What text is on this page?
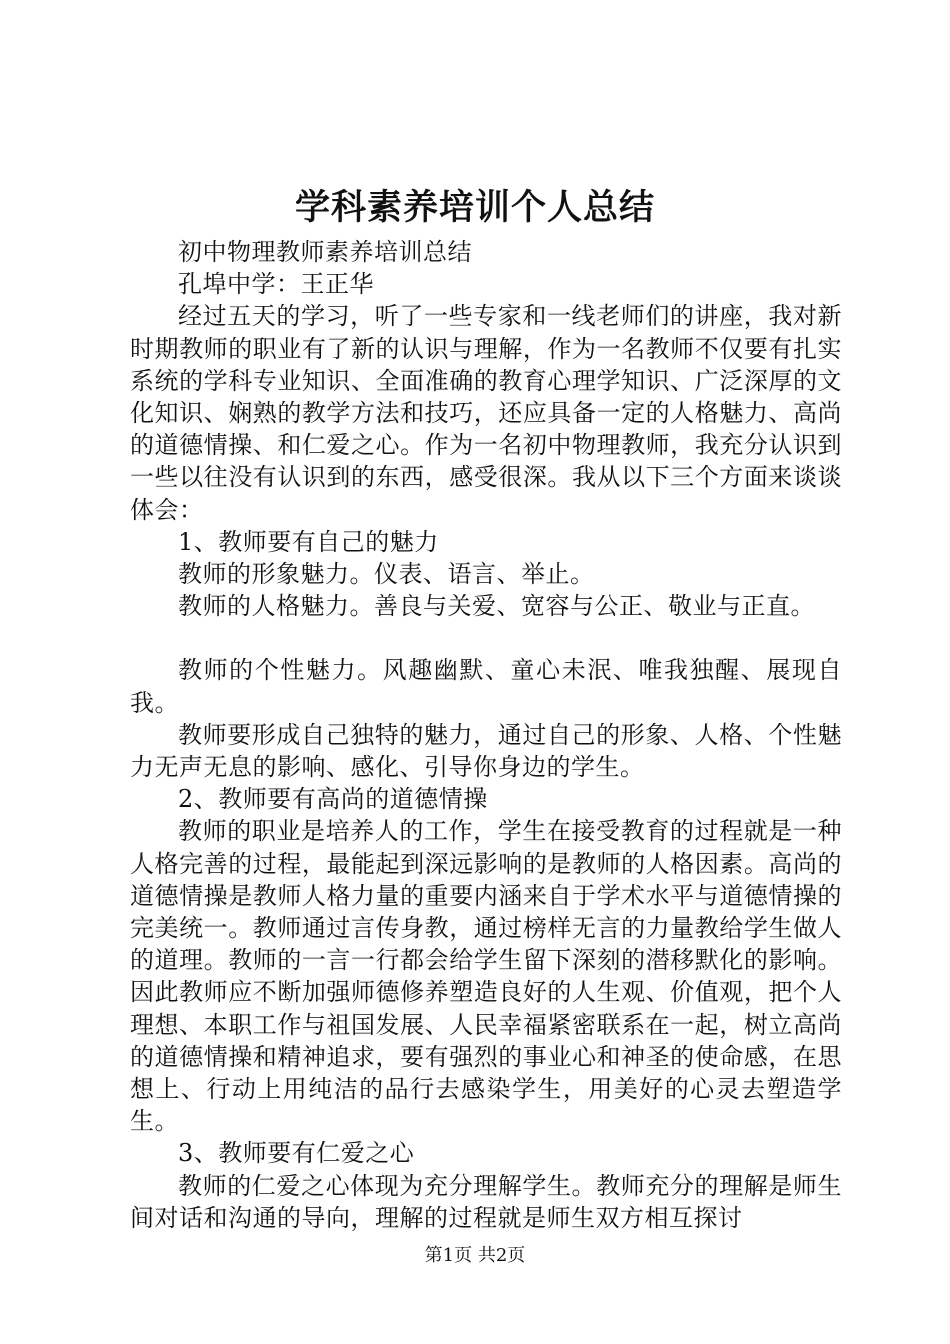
学科素养培训个人总结

初中物理教师素养培训总结

孔埠中学：王正华

经过五天的学习，听了一些专家和一线老师们的讲座，我对新时期教师的职业有了新的认识与理解，作为一名教师不仅要有扎实系统的学科专业知识、全面准确的教育心理学知识、广泛深厚的文化知识、娴熟的教学方法和技巧，还应具备一定的人格魅力、高尚的道德情操、和仁爱之心。作为一名初中物理教师，我充分认识到一些以往没有认识到的东西，感受很深。我从以下三个方面来谈谈体会：

1、教师要有自己的魅力

教师的形象魅力。仪表、语言、举止。

教师的人格魅力。善良与关爱、宽容与公正、敬业与正直。

教师的个性魅力。风趣幽默、童心未泯、唯我独醒、展现自我。

教师要形成自己独特的魅力，通过自己的形象、人格、个性魅力无声无息的影响、感化、引导你身边的学生。

2、教师要有高尚的道德情操

教师的职业是培养人的工作，学生在接受教育的过程就是一种人格完善的过程，最能起到深远影响的是教师的人格因素。高尚的道德情操是教师人格力量的重要内涵来自于学术水平与道德情操的完美统一。教师通过言传身教，通过榜样无言的力量教给学生做人的道理。教师的一言一行都会给学生留下深刻的潜移默化的影响。因此教师应不断加强师德修养塑造良好的人生观、价值观，把个人理想、本职工作与祖国发展、人民幸福紧密联系在一起，树立高尚的道德情操和精神追求，要有强烈的事业心和神圣的使命感，在思想上、行动上用纯洁的品行去感染学生，用美好的心灵去塑造学生。

3、教师要有仁爱之心

教师的仁爱之心体现为充分理解学生。教师充分的理解是师生间对话和沟通的导向，理解的过程就是师生双方相互探讨

第1页 共2页
